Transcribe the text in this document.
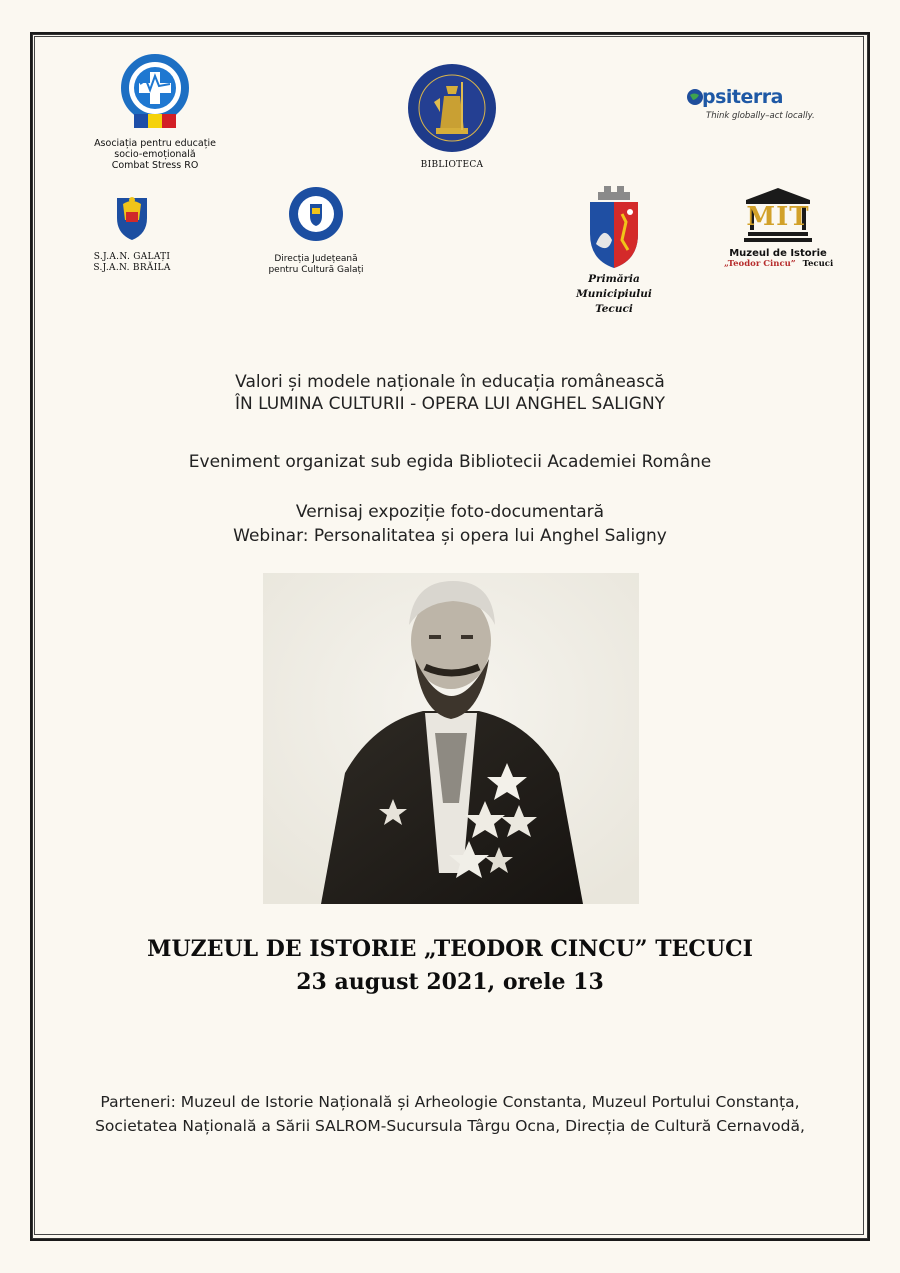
Asociația pentru educație
socio-emoțională
Combat Stress RO	BIBLIOTECA
psiterra
Think globally–act locally.
S.J.A.N. GALAȚI
S.J.A.N. BRĂILA
Direcția Județeană
pentru Cultură Galați
Primăria Municipiului
Tecuci
MIT
Muzeul de Istorie
„Teodor Cincu” Tecuci
Valori și modele naționale în educația românească
ÎN LUMINA CULTURII - OPERA LUI ANGHEL SALIGNY
Eveniment organizat sub egida Bibliotecii Academiei Române
Vernisaj expoziție foto-documentară
Webinar: Personalitatea și opera lui Anghel Saligny
MUZEUL DE ISTORIE „TEODOR CINCU” TECUCI
23 august 2021, orele 13
Parteneri: Muzeul de Istorie Națională și Arheologie Constanta, Muzeul Portului Constanța,
Societatea Națională a Sării SALROM-Sucursula Târgu Ocna, Direcția de Cultură Cernavodă,
